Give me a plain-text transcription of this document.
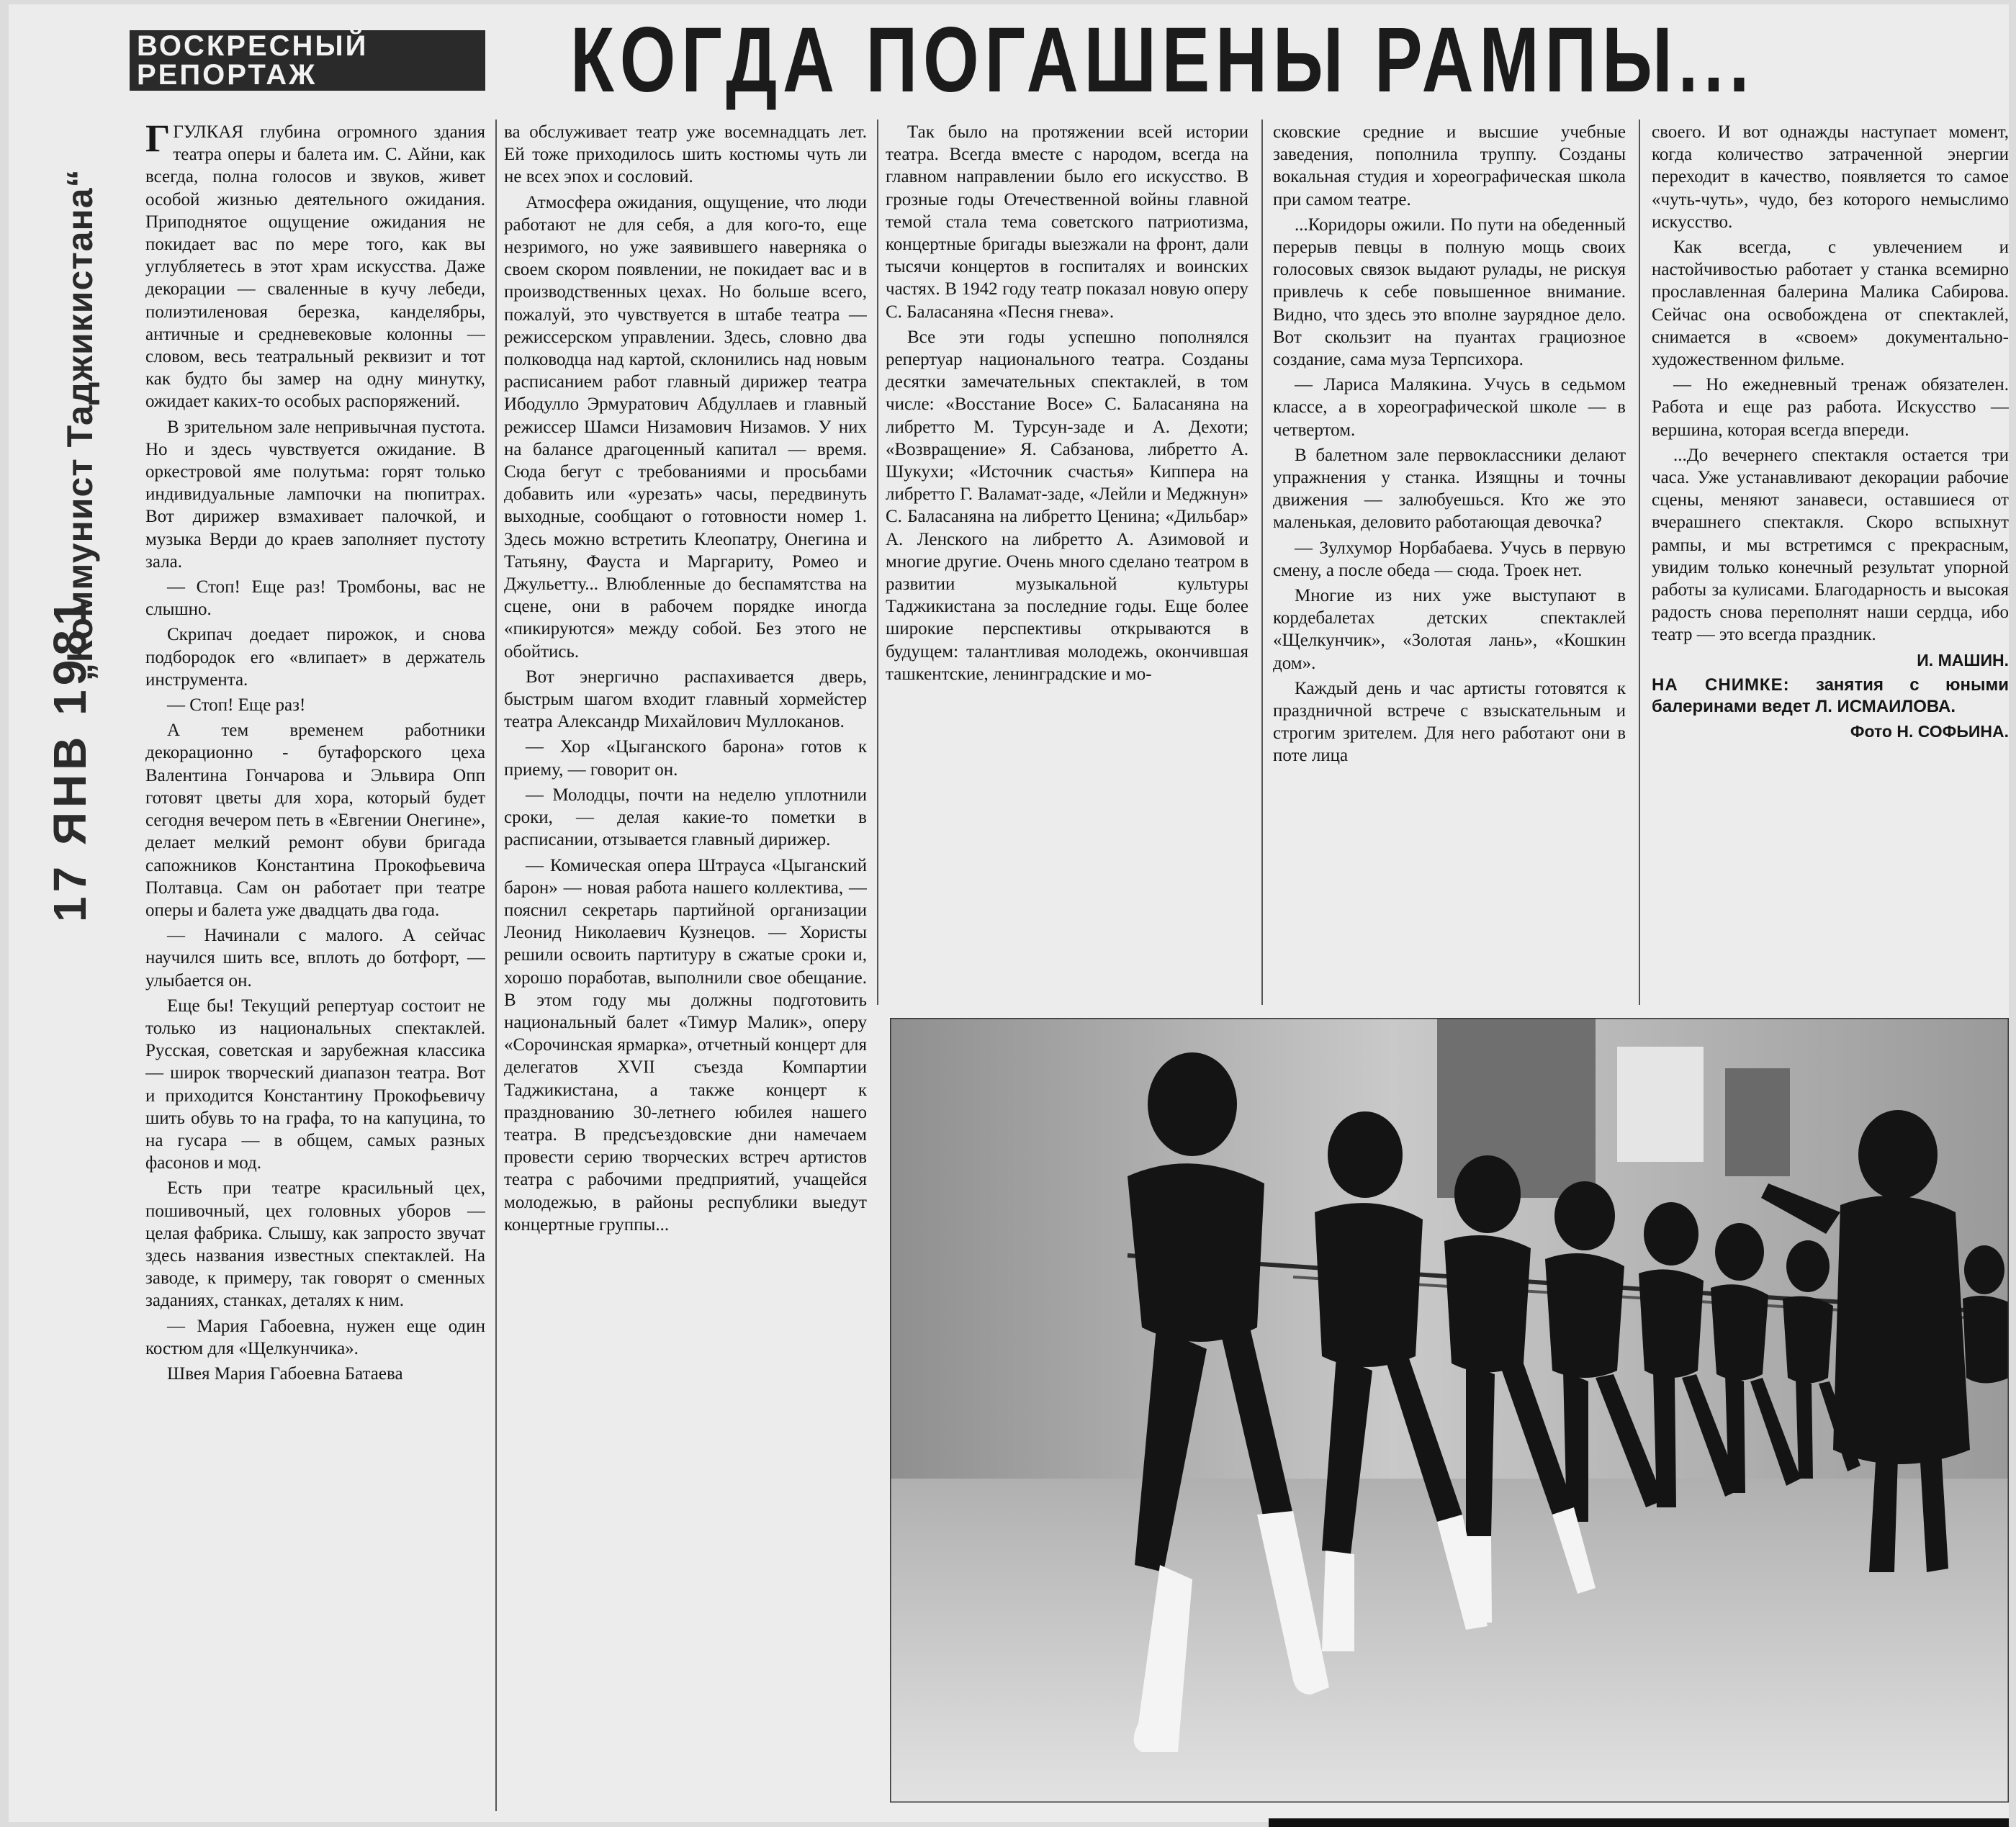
ВОСКРЕСНЫЙ
РЕПОРТАЖ	КОГДА ПОГАШЕНЫ РАМПЫ...
„Коммунист Таджикистана“
17 ЯНВ 1981

ГГУЛКАЯ глубина огромного здания театра оперы и балета им. С. Айни, как всегда, полна голосов и звуков, живет особой жизнью деятельного ожидания. Приподнятое ощущение ожидания не покидает вас по мере того, как вы углубляетесь в этот храм искусства. Даже декорации — сваленные в кучу лебеди, полиэтиленовая березка, канделябры, античные и средневековые колонны — словом, весь театральный реквизит и тот как будто бы замер на одну минутку, ожидает каких-то особых распоряжений.

В зрительном зале непривычная пустота. Но и здесь чувствуется ожидание. В оркестровой яме полутьма: горят только индивидуальные лампочки на пюпитрах. Вот дирижер взмахивает палочкой, и музыка Верди до краев заполняет пустоту зала.

— Стоп! Еще раз! Тромбоны, вас не слышно.

Скрипач доедает пирожок, и снова подбородок его «влипает» в держатель инструмента.

— Стоп! Еще раз!

А тем временем работники декорационно - бутафорского цеха Валентина Гончарова и Эльвира Опп готовят цветы для хора, который будет сегодня вечером петь в «Евгении Онегине», делает мелкий ремонт обуви бригада сапожников Константина Прокофьевича Полтавца. Сам он работает при театре оперы и балета уже двадцать два года.

— Начинали с малого. А сейчас научился шить все, вплоть до ботфорт, — улыбается он.

Еще бы! Текущий репертуар состоит не только из национальных спектаклей. Русская, советская и зарубежная классика — широк творческий диапазон театра. Вот и приходится Константину Прокофьевичу шить обувь то на графа, то на капуцина, то на гусара — в общем, самых разных фасонов и мод.

Есть при театре красильный цех, пошивочный, цех головных уборов — целая фабрика. Слышу, как запросто звучат здесь названия известных спектаклей. На заводе, к примеру, так говорят о сменных заданиях, станках, деталях к ним.

— Мария Габоевна, нужен еще один костюм для «Щелкунчика».

Швея Мария Габоевна Батаева

ва обслуживает театр уже восемнадцать лет. Ей тоже приходилось шить костюмы чуть ли не всех эпох и сословий.

Атмосфера ожидания, ощущение, что люди работают не для себя, а для кого-то, еще незримого, но уже заявившего наверняка о своем скором появлении, не покидает вас и в производственных цехах. Но больше всего, пожалуй, это чувствуется в штабе театра — режиссерском управлении. Здесь, словно два полководца над картой, склонились над новым расписанием работ главный дирижер театра Ибодулло Эрмуратович Абдуллаев и главный режиссер Шамси Низамович Низамов. У них на балансе драгоценный капитал — время. Сюда бегут с требованиями и просьбами добавить или «урезать» часы, передвинуть выходные, сообщают о готовности номер 1. Здесь можно встретить Клеопатру, Онегина и Татьяну, Фауста и Маргариту, Ромео и Джульетту... Влюбленные до беспамятства на сцене, они в рабочем порядке иногда «пикируются» между собой. Без этого не обойтись.

Вот энергично распахивается дверь, быстрым шагом входит главный хормейстер театра Александр Михайлович Муллоканов.

— Хор «Цыганского барона» готов к приему, — говорит он.

— Молодцы, почти на неделю уплотнили сроки, — делая какие-то пометки в расписании, отзывается главный дирижер.

— Комическая опера Штрауса «Цыганский барон» — новая работа нашего коллектива, — пояснил секретарь партийной организации Леонид Николаевич Кузнецов. — Хористы решили освоить партитуру в сжатые сроки и, хорошо поработав, выполнили свое обещание. В этом году мы должны подготовить национальный балет «Тимур Малик», оперу «Сорочинская ярмарка», отчетный концерт для делегатов XVII съезда Компартии Таджикистана, а также концерт к празднованию 30-летнего юбилея нашего театра. В предсъездовские дни намечаем провести серию творческих встреч артистов театра с рабочими предприятий, учащейся молодежью, в районы республики выедут концертные группы...

Так было на протяжении всей истории театра. Всегда вместе с народом, всегда на главном направлении было его искусство. В грозные годы Отечественной войны главной темой стала тема советского патриотизма, концертные бригады выезжали на фронт, дали тысячи концертов в госпиталях и воинских частях. В 1942 году театр показал новую оперу С. Баласаняна «Песня гнева».

Все эти годы успешно пополнялся репертуар национального театра. Созданы десятки замечательных спектаклей, в том числе: «Восстание Восе» С. Баласаняна на либретто М. Турсун-заде и А. Дехоти; «Возвращение» Я. Сабзанова, либретто А. Шукухи; «Источник счастья» Киппера на либретто Г. Валамат-заде, «Лейли и Меджнун» С. Баласаняна на либретто Ценина; «Дильбар» А. Ленского на либретто А. Азимовой и многие другие. Очень много сделано театром в развитии музыкальной культуры Таджикистана за последние годы. Еще более широкие перспективы открываются в будущем: талантливая молодежь, окончившая ташкентские, ленинградские и мо-

сковские средние и высшие учебные заведения, пополнила труппу. Созданы вокальная студия и хореографическая школа при самом театре.

...Коридоры ожили. По пути на обеденный перерыв певцы в полную мощь своих голосовых связок выдают рулады, не рискуя привлечь к себе повышенное внимание. Видно, что здесь это вполне заурядное дело. Вот скользит на пуантах грациозное создание, сама муза Терпсихора.

— Лариса Малякина. Учусь в седьмом классе, а в хореографической школе — в четвертом.

В балетном зале первоклассники делают упражнения у станка. Изящны и точны движения — залюбуешься. Кто же это маленькая, деловито работающая девочка?

— Зулхумор Норбабаева. Учусь в первую смену, а после обеда — сюда. Троек нет.

Многие из них уже выступают в кордебалетах детских спектаклей «Щелкунчик», «Золотая лань», «Кошкин дом».

Каждый день и час артисты готовятся к праздничной встрече с взыскательным и строгим зрителем. Для него работают они в поте лица

своего. И вот однажды наступает момент, когда количество затраченной энергии переходит в качество, появляется то самое «чуть-чуть», чудо, без которого немыслимо искусство.

Как всегда, с увлечением и настойчивостью работает у станка всемирно прославленная балерина Малика Сабирова. Сейчас она освобождена от спектаклей, снимается в «своем» документально-художественном фильме.

— Но ежедневный тренаж обязателен. Работа и еще раз работа. Искусство — вершина, которая всегда впереди.

...До вечернего спектакля остается три часа. Уже устанавливают декорации рабочие сцены, меняют занавеси, оставшиеся от вчерашнего спектакля. Скоро вспыхнут рампы, и мы встретимся с прекрасным, увидим только конечный результат упорной работы за кулисами. Благодарность и высокая радость снова переполнят наши сердца, ибо театр — это всегда праздник.

И. МАШИН.

НА СНИМКЕ: занятия с юными балеринами ведет Л. ИСМАИЛОВА.

Фото Н. СОФЬИНА.
